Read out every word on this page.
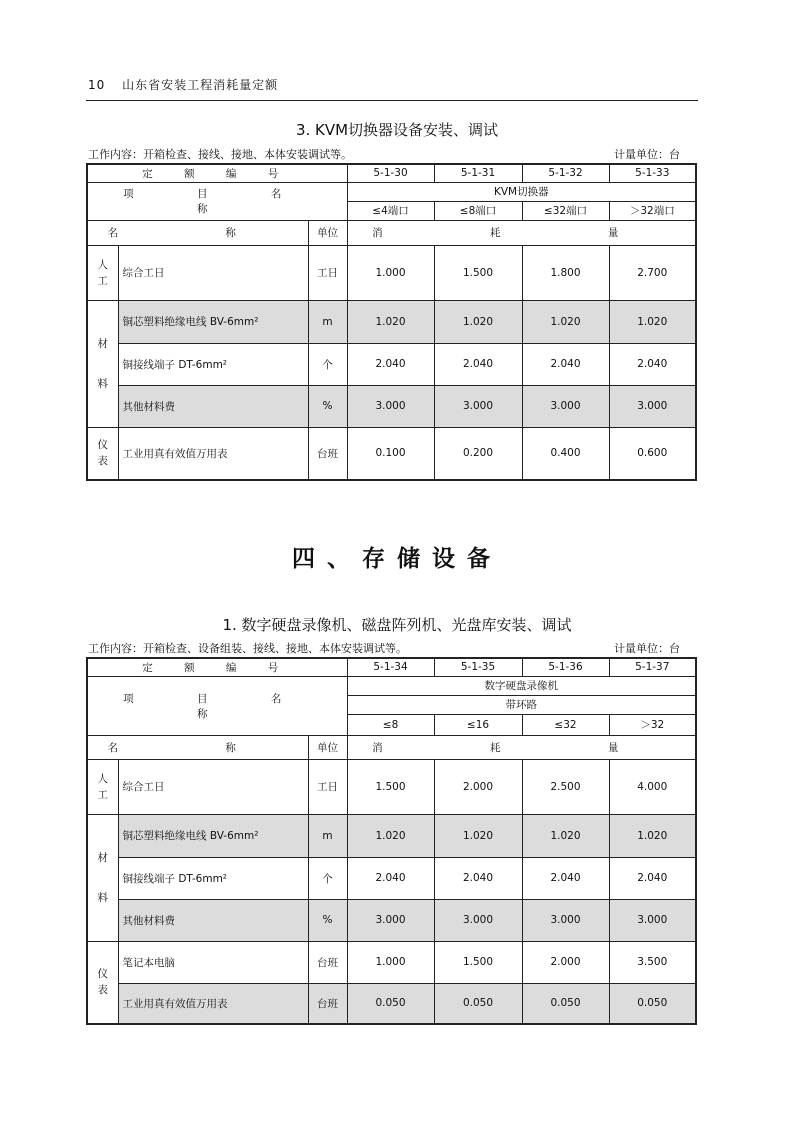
10 山东省安装工程消耗量定额
3. KVM切换器设备安装、调试
工作内容：开箱检查、接线、接地、本体安装调试等。	计量单位：台
定 额 编 号			5-1-30	5-1-31	5-1-32	5-1-33
项 目 名 称			KVM切换器			
			≤4端口	≤8端口	≤32端口	＞32端口
名 称		单位	消 耗 量			
人工	综合工日	工日	1.000	1.500	1.800	2.700
材料	铜芯塑料绝缘电线 BV-6mm²	m	1.020	1.020	1.020	1.020
	铜接线端子 DT-6mm²	个	2.040	2.040	2.040	2.040
	其他材料费	%	3.000	3.000	3.000	3.000
仪表	工业用真有效值万用表	台班	0.100	0.200	0.400	0.600
四、存储设备
1. 数字硬盘录像机、磁盘阵列机、光盘库安装、调试
工作内容：开箱检查、设备组装、接线、接地、本体安装调试等。	计量单位：台
定 额 编 号			5-1-34	5-1-35	5-1-36	5-1-37
项 目 名 称			数字硬盘录像机			
			带环路			
			≤8	≤16	≤32	＞32
名 称		单位	消 耗 量			
人工	综合工日	工日	1.500	2.000	2.500	4.000
材料	铜芯塑料绝缘电线 BV-6mm²	m	1.020	1.020	1.020	1.020
	铜接线端子 DT-6mm²	个	2.040	2.040	2.040	2.040
	其他材料费	%	3.000	3.000	3.000	3.000
仪表	笔记本电脑	台班	1.000	1.500	2.000	3.500
	工业用真有效值万用表	台班	0.050	0.050	0.050	0.050
